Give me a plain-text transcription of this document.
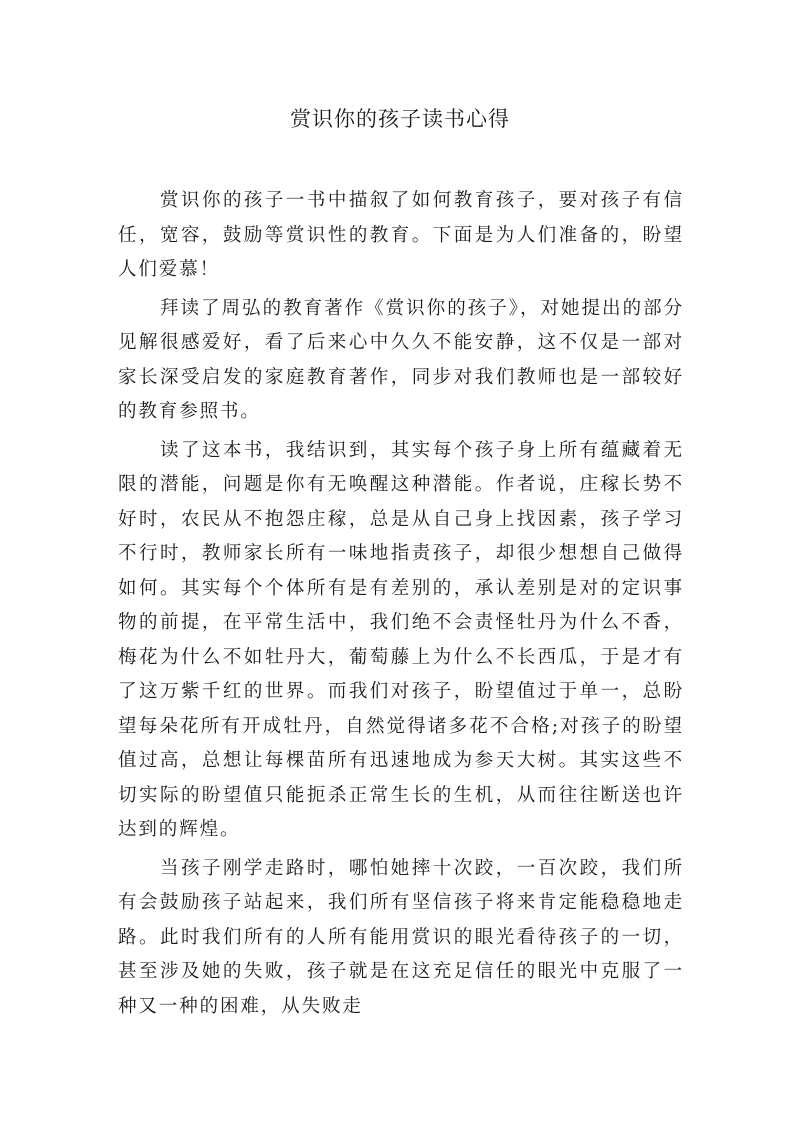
赏识你的孩子读书心得

赏识你的孩子一书中描叙了如何教育孩子，要对孩子有信任，宽容，鼓励等赏识性的教育。下面是为人们准备的，盼望人们爱慕！

拜读了周弘的教育著作《赏识你的孩子》，对她提出的部分见解很感爱好，看了后来心中久久不能安静，这不仅是一部对家长深受启发的家庭教育著作，同步对我们教师也是一部较好的教育参照书。

读了这本书，我结识到，其实每个孩子身上所有蕴藏着无限的潜能，问题是你有无唤醒这种潜能。作者说，庄稼长势不好时，农民从不抱怨庄稼，总是从自己身上找因素，孩子学习不行时，教师家长所有一味地指责孩子，却很少想想自己做得如何。其实每个个体所有是有差别的，承认差别是对的定识事物的前提，在平常生活中，我们绝不会责怪牡丹为什么不香，梅花为什么不如牡丹大，葡萄藤上为什么不长西瓜，于是才有了这万紫千红的世界。而我们对孩子，盼望值过于单一，总盼望每朵花所有开成牡丹，自然觉得诸多花不合格;对孩子的盼望值过高，总想让每棵苗所有迅速地成为参天大树。其实这些不切实际的盼望值只能扼杀正常生长的生机，从而往往断送也许达到的辉煌。

当孩子刚学走路时，哪怕她摔十次跤，一百次跤，我们所有会鼓励孩子站起来，我们所有坚信孩子将来肯定能稳稳地走路。此时我们所有的人所有能用赏识的眼光看待孩子的一切，甚至涉及她的失败，孩子就是在这充足信任的眼光中克服了一种又一种的困难，从失败走
